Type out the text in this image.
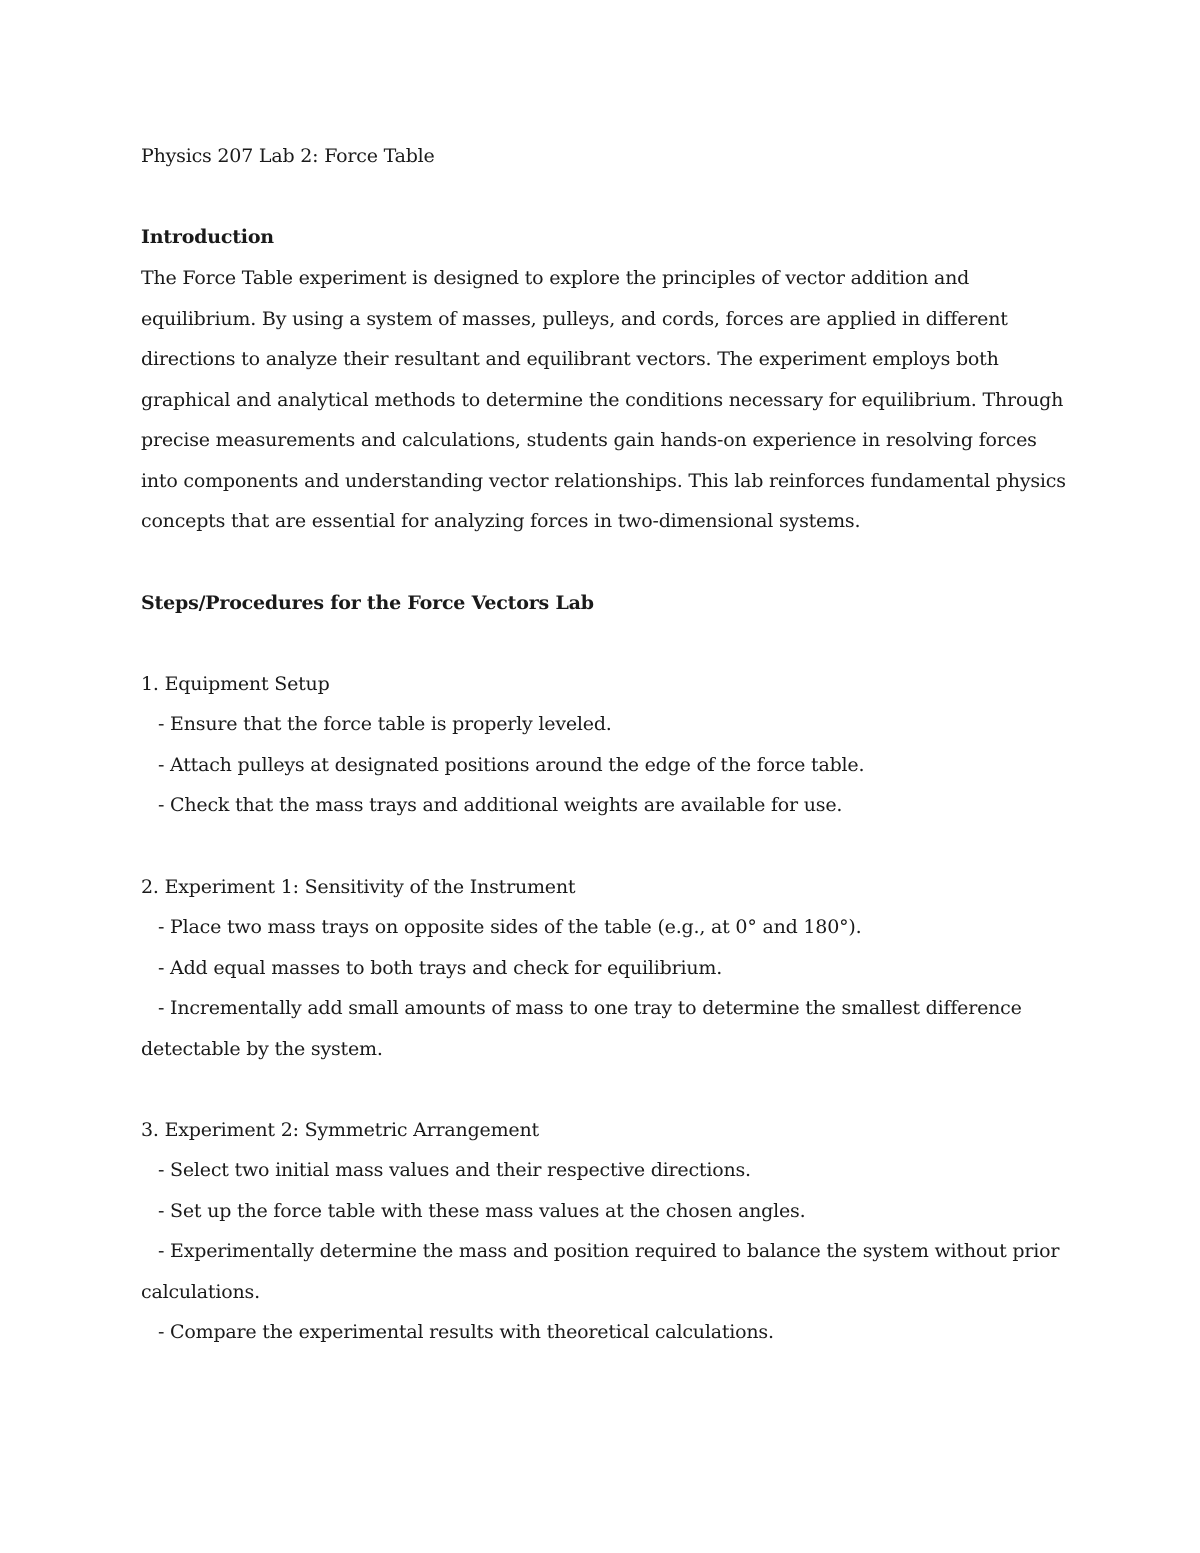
Physics 207 Lab 2: Force Table
Introduction
The Force Table experiment is designed to explore the principles of vector addition and
equilibrium. By using a system of masses, pulleys, and cords, forces are applied in different
directions to analyze their resultant and equilibrant vectors. The experiment employs both
graphical and analytical methods to determine the conditions necessary for equilibrium. Through
precise measurements and calculations, students gain hands-on experience in resolving forces
into components and understanding vector relationships. This lab reinforces fundamental physics
concepts that are essential for analyzing forces in two-dimensional systems.
Steps/Procedures for the Force Vectors Lab
1. Equipment Setup
- Ensure that the force table is properly leveled.
- Attach pulleys at designated positions around the edge of the force table.
- Check that the mass trays and additional weights are available for use.
2. Experiment 1: Sensitivity of the Instrument
- Place two mass trays on opposite sides of the table (e.g., at 0° and 180°).
- Add equal masses to both trays and check for equilibrium.
- Incrementally add small amounts of mass to one tray to determine the smallest difference
detectable by the system.
3. Experiment 2: Symmetric Arrangement
- Select two initial mass values and their respective directions.
- Set up the force table with these mass values at the chosen angles.
- Experimentally determine the mass and position required to balance the system without prior
calculations.
- Compare the experimental results with theoretical calculations.
